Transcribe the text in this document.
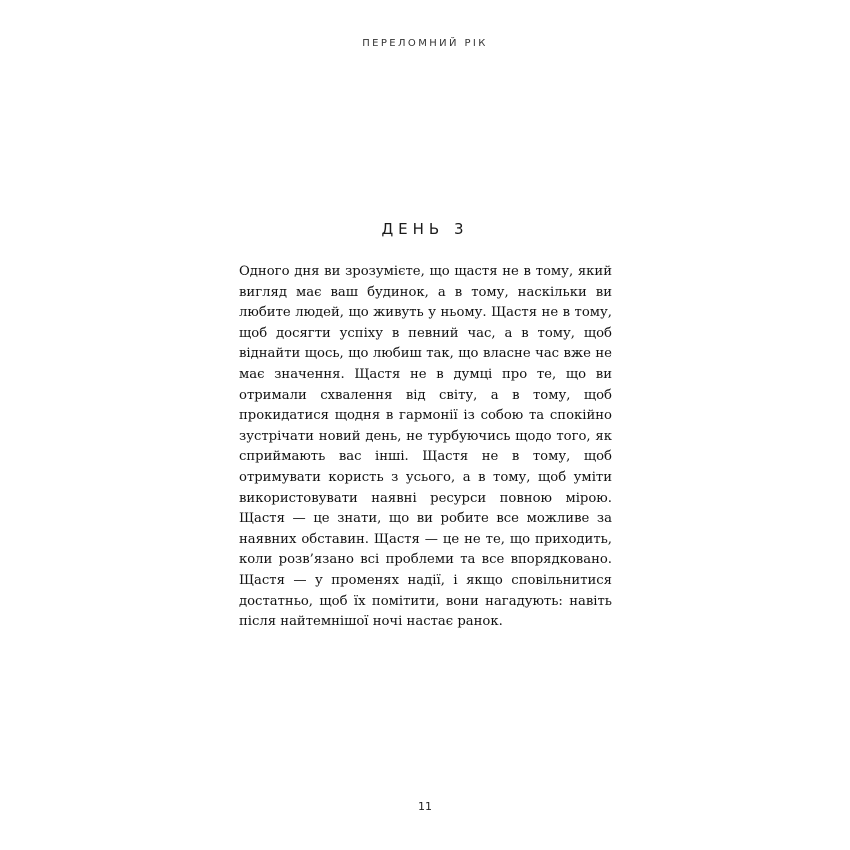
ПЕРЕЛОМНИЙ РІК
ДЕНЬ 3

Одного дня ви зрозумієте, що щастя не в тому, який вигляд має ваш будинок, а в тому, наскільки ви любите людей, що живуть у ньому. Щастя не в тому, щоб досягти успіху в певний час, а в тому, щоб віднайти щось, що любиш так, що власне час вже не має значення. Щастя не в думці про те, що ви отримали схвалення від світу, а в тому, щоб прокидатися щодня в гармонії із собою та спокійно зустрічати новий день, не турбуючись щодо того, як сприймають вас інші. Щастя не в тому, щоб отримувати користь з усього, а в тому, щоб уміти використовувати наявні ресурси повною мірою. Щастя — це знати, що ви робите все можливе за наявних обставин. Щастя — це не те, що приходить, коли розв’язано всі проблеми та все впорядковано. Щастя — у променях надії, і якщо сповільнитися достатньо, щоб їх помітити, вони нагадують: навіть після найтемнішої ночі настає ранок.

11
